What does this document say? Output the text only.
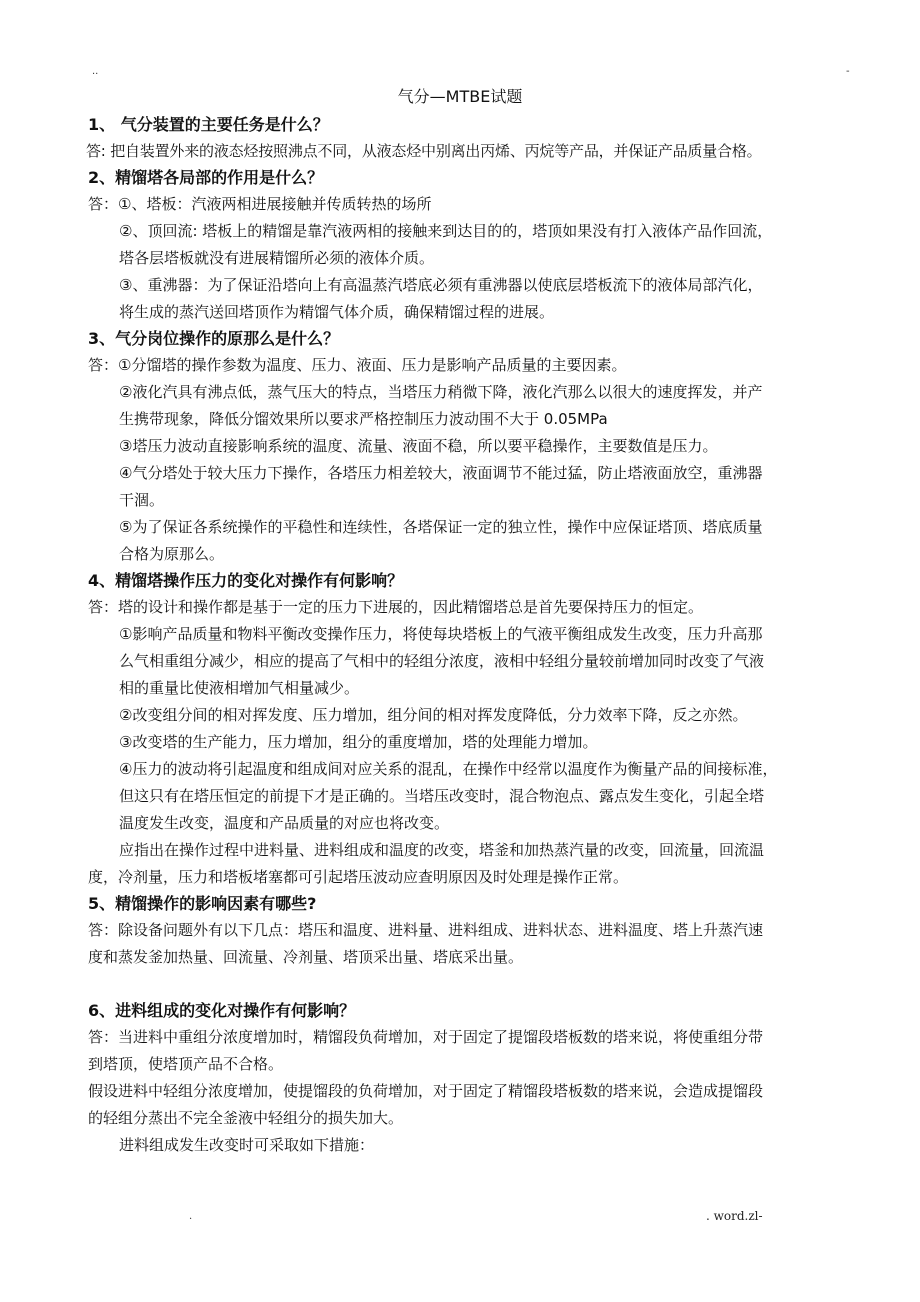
..	-
气分—MTBE试题
1、 气分装置的主要任务是什么？
答: 把自装置外来的液态烃按照沸点不同，从液态烃中别离出丙烯、丙烷等产品，并保证产品质量合格。
2、精馏塔各局部的作用是什么？
答：①、塔板：汽液两相进展接触并传质转热的场所
②、顶回流: 塔板上的精馏是靠汽液两相的接触来到达目的的，塔顶如果没有打入液体产品作回流，
塔各层塔板就没有进展精馏所必须的液体介质。
③、重沸器：为了保证沿塔向上有高温蒸汽塔底必须有重沸器以使底层塔板流下的液体局部汽化，
将生成的蒸汽送回塔顶作为精馏气体介质，确保精馏过程的进展。
3、气分岗位操作的原那么是什么？
答：①分馏塔的操作参数为温度、压力、液面、压力是影响产品质量的主要因素。
②液化汽具有沸点低，蒸气压大的特点，当塔压力稍微下降，液化汽那么以很大的速度挥发，并产
生携带现象，降低分馏效果所以要求严格控制压力波动围不大于 0.05MPa
③塔压力波动直接影响系统的温度、流量、液面不稳，所以要平稳操作，主要数值是压力。
④气分塔处于较大压力下操作，各塔压力相差较大，液面调节不能过猛，防止塔液面放空，重沸器
干涸。
⑤为了保证各系统操作的平稳性和连续性，各塔保证一定的独立性，操作中应保证塔顶、塔底质量
合格为原那么。
4、精馏塔操作压力的变化对操作有何影响？
答：塔的设计和操作都是基于一定的压力下进展的，因此精馏塔总是首先要保持压力的恒定。
①影响产品质量和物料平衡改变操作压力，将使每块塔板上的气液平衡组成发生改变，压力升高那
么气相重组分减少，相应的提高了气相中的轻组分浓度，液相中轻组分量较前增加同时改变了气液
相的重量比使液相增加气相量减少。
②改变组分间的相对挥发度、压力增加，组分间的相对挥发度降低，分力效率下降，反之亦然。
③改变塔的生产能力，压力增加，组分的重度增加，塔的处理能力增加。
④压力的波动将引起温度和组成间对应关系的混乱，在操作中经常以温度作为衡量产品的间接标准，
但这只有在塔压恒定的前提下才是正确的。当塔压改变时，混合物泡点、露点发生变化，引起全塔
温度发生改变，温度和产品质量的对应也将改变。
应指出在操作过程中进料量、进料组成和温度的改变，塔釜和加热蒸汽量的改变，回流量，回流温
度，冷剂量，压力和塔板堵塞都可引起塔压波动应查明原因及时处理是操作正常。
5、精馏操作的影响因素有哪些?
答：除设备问题外有以下几点：塔压和温度、进料量、进料组成、进料状态、进料温度、塔上升蒸汽速
度和蒸发釜加热量、回流量、冷剂量、塔顶采出量、塔底采出量。
6、进料组成的变化对操作有何影响？
答：当进料中重组分浓度增加时，精馏段负荷增加，对于固定了提馏段塔板数的塔来说，将使重组分带
到塔顶，使塔顶产品不合格。
假设进料中轻组分浓度增加，使提馏段的负荷增加，对于固定了精馏段塔板数的塔来说，会造成提馏段
的轻组分蒸出不完全釜液中轻组分的损失加大。
进料组成发生改变时可采取如下措施：
.	. word.zl-
